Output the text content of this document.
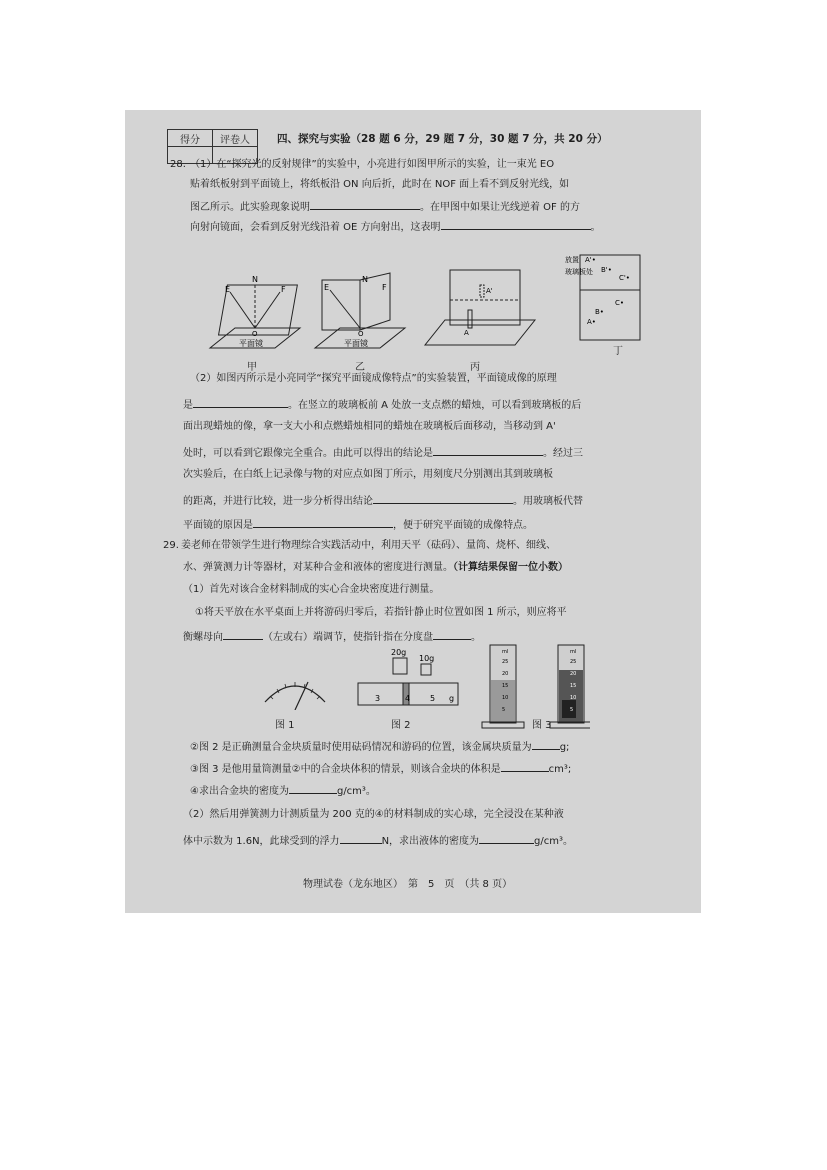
得分	评卷人
		四、探究与实验（28 题 6 分，29 题 7 分，30 题 7 分，共 20 分）
28. （1）在“探究光的反射规律”的实验中，小亮进行如图甲所示的实验，让一束光 EO
贴着纸板射到平面镜上，将纸板沿 ON 向后折，此时在 NOF 面上看不到反射光线，如
图乙所示。此实验现象说明	。在甲图中如果让光线逆着 OF 的方
向射向镜面，会看到反射光线沿着 OE 方向射出，这表明	。
E
N
F
O
平面镜
甲
E
N
F
O
平面镜
乙
A
A'
丙
放置
玻璃板处
A'•
B'•
C'•
C•
B•
A•
丁
（2）如图丙所示是小亮同学“探究平面镜成像特点”的实验装置，平面镜成像的原理
是	。在竖立的玻璃板前 A 处放一支点燃的蜡烛，可以看到玻璃板的后
面出现蜡烛的像，拿一支大小和点燃蜡烛相同的蜡烛在玻璃板后面移动，当移动到 A'
处时，可以看到它跟像完全重合。由此可以得出的结论是	。经过三
次实验后，在白纸上记录像与物的对应点如图丁所示，用刻度尺分别测出其到玻璃板
的距离，并进行比较，进一步分析得出结论	。用玻璃板代替
平面镜的原因是	，便于研究平面镜的成像特点。
29. 姜老师在带领学生进行物理综合实践活动中，利用天平（砝码）、量筒、烧杯、细线、
水、弹簧测力计等器材，对某种合金和液体的密度进行测量。（计算结果保留一位小数）
（1）首先对该合金材料制成的实心合金块密度进行测量。
①将天平放在水平桌面上并将游码归零后，若指针静止时位置如图 1 所示，则应将平
衡螺母向	（左或右）端调节，使指针指在分度盘	。
图 1
20g
10g
3	4 5 g
图 2
ml
25
20
15
10
5
ml
25
20
15
10
5
图 3
②图 2 是正确测量合金块质量时使用砝码情况和游码的位置，该金属块质量为	g;
③图 3 是他用量筒测量②中的合金块体积的情景，则该合金块的体积是	cm³;
④求出合金块的密度为	g/cm³。
（2）然后用弹簧测力计测质量为 200 克的④的材料制成的实心球，完全浸没在某种液
体中示数为 1.6N，此球受到的浮力	N，求出液体的密度为	g/cm³。
物理试卷（龙东地区）　第　5　页　（共 8 页）
